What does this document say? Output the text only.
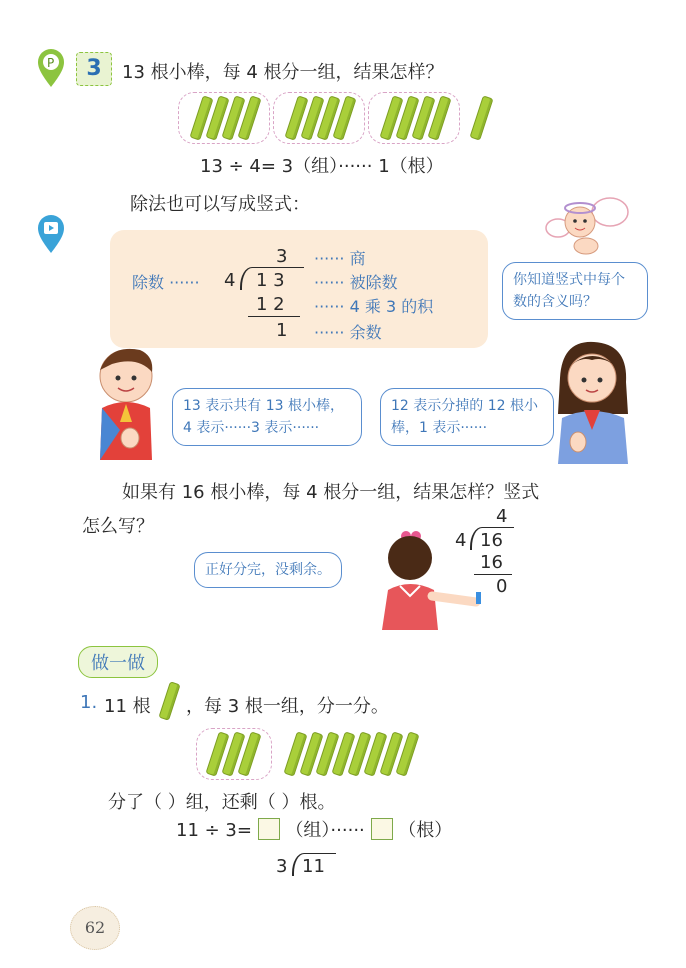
P	3	13 根小棒，每 4 根分一组，结果怎样？
13 ÷ 4= 3（组）······ 1（根）
除法也可以写成竖式：
3 ······ 商
除数 ······ 4 1 3 ······ 被除数
1 2 ······ 4 乘 3 的积
1 ······ 余数
你知道竖式中每个数的含义吗？
13 表示共有 13 根小棒，4 表示······3 表示······
12 表示分掉的 12 根小棒，1 表示······
如果有 16 根小棒，每 4 根分一组，结果怎样？竖式
怎么写？	4
4 16
16
0
正好分完，没剩余。
做一做
1. 11 根 ，每 3 根一组，分一分。
分了（ ）组，还剩（ ）根。
11 ÷ 3= （组）······ （根）
3 11
62
